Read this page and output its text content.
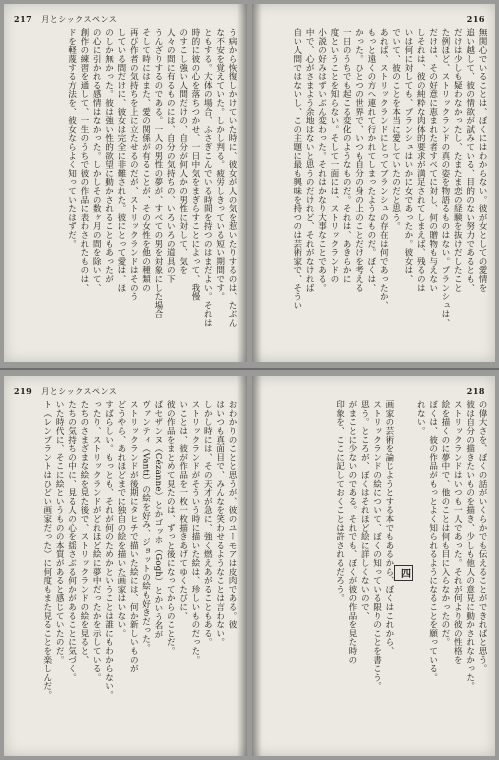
217 月とシックスペンス
う病から恢復しかけていた時に、彼女が人の気を惹いたりするのは、たぶん
な不安を覚えていた。しかし判る。疲労しきっている短い期間です。
ともする。大体の場合、ふさぎこんでいる時間を持つのはまだよい。それは
時的に彼の心を落ちつかせ、一日中気をまぎらすことによって、我慢
のすこし強い人間だけの、自分が何人かの男性に対して、気を
人々の間に有るものには、自分の気持ちの、いろいろの道具の下
うんざりするのである。一人の男性の夢が、すべての男を対象にした場合
そして時にはまた、愛の関係が有ることが、その女性を他の種類の
再び作者の気持ちを上に立たせるのだが、ストリックランドはそのう
している間だけに、彼女は完全に非難された。彼にとって愛は、ほ
のしか無かった。彼は強い性的欲望に動かされることもあったが
の心に引かれる感情はなかった。しかしその数ヶ月の間を除いて、
創作の練習を通して、一生のうちで彼の作品に表わされたものは、
ドを軽蔑する方法を、彼女ならよく知っていたはずだ。
216
無関心でいることは、ぼくにはわからない。彼が女としての愛情を
追い越して、彼の情欲が試みている、目的のない努力であるとも、
だけは少しも疑わなかったし、たまたま恋の経験を抜けだしたこと
た例ほど、ストリックランドの真の姿を物語るものはない。ブランシュは、
だけは、その好意に恵まれた者すべてに対し、何の贈物も与えない
しそれは、彼の純粋な肉体的要求が満足されてしまえば、残るのは
いは何に対しても、ブランシュはいかに女であったか。彼女は、
でいて、彼のことを本当に愛していたのだと思う。
あれば、ストリックランドにとってブランシュの存在は何であったか、
もっと遠くの方へ連れて行かれてしまったようなものだ。ぼくは、
かった。ひとつの世界で、いつも自分の身の上のことだけを考える
一日のうちでも起こる変化のようなものだ。それは、あきらかに
度ということを知らない。そして一面には、ストリックランドの
小説の好みはずいぶん変わった。それはかなり大事なことである。
中で、心がさまよう余地はないと思うのだけれど、それがなければ
自い人間ではないし、この主題に最も興味を持つのは芸術家で、そうい
219 月とシックスペンス
おわかりのことと思うが、彼のユーモアは皮肉である。彼
はいつも真面目で、みんなを笑わせるようなことは言わない。
しかし時には、その天才が急に、強く燃えあがることもある。
ストリックランドがそういう時に描いた絵は、珍しいものだった。
いことは、彼が作品を一枚一枚描きあげてゆくたびに、
彼の作品をまとめて見たのは、ずっと後になってからのことだ。
ばセザンヌ（Cézanne）とかゴッホ（Gogh）とかいう名が
ヴァンティ（Vanti）の絵を好み、ジョットの絵も好きだった。
ストリックランドが後期にタヒチで描いた絵には、何か新しいものが
どうやら、あれほどまでに独自の絵を描いた画家はいない。
すばらしい。もっとも、それが何のためかということは誰にもわからない。
ったり、ストリックランドがどれほど絵に夢中だったかを示している。
たちのさまざまな絵を見た後で、ストリックランドの絵を見ると、
たちの気持ちの中に、見る人の心を揺さぶる何かがあることに気づく。
いた時代に、そこに絵というものの本質があると感じていたのだ。
ト（レンブラントはひどい画家だった）に何度もまた見ることを楽しんだ。
218
の偉大さを、ぼくの話がいくらかでも伝えることができればと思う。
彼は自分の描きたいものを描き、少しも他人の意見に動かされなかった。
ストリックランドはいつも一人であった。それが何より彼の性格を
絵を描くのに夢中で、他のことは何も目に入らなかったのだ。
ぼくは、彼の作品がもっとよく知られるようになることを願っている。
れない。
四
画家の芸術を論じようとする本でもあるから、ぼくはこれから、
ストリックランドの絵について、ぼくの知っている限りのことを書こう。
思う。ところが、ぼくはそれほど絵に詳しくないので、
がまことに少ないのである。それでも、ぼくが彼の作品を見た時の
印象を、ここに記しておくことは許されるだろう。
